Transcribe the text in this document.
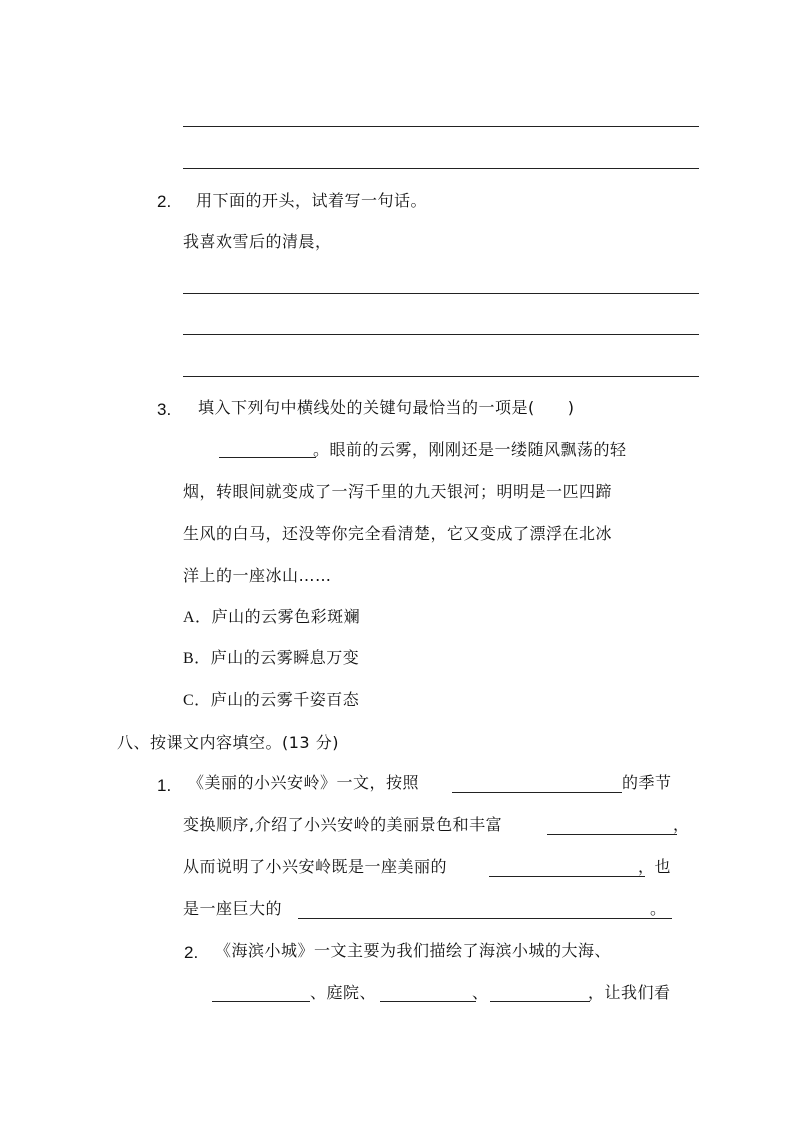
2. 用下面的开头，试着写一句话。
我喜欢雪后的清晨，
3. 填入下列句中横线处的关键句最恰当的一项是(　　)
。眼前的云雾，刚刚还是一缕随风飘荡的轻
烟，转眼间就变成了一泻千里的九天银河；明明是一匹四蹄
生风的白马，还没等你完全看清楚，它又变成了漂浮在北冰
洋上的一座冰山……
A．庐山的云雾色彩斑斓
B．庐山的云雾瞬息万变
C．庐山的云雾千姿百态
八、按课文内容填空。(13 分)
1. 《美丽的小兴安岭》一文，按照	的季节
变换顺序,介绍了小兴安岭的美丽景色和丰富	，
从而说明了小兴安岭既是一座美丽的	，也
是一座巨大的	。
2. 《海滨小城》一文主要为我们描绘了海滨小城的大海、
、庭院、	、	，让我们看
